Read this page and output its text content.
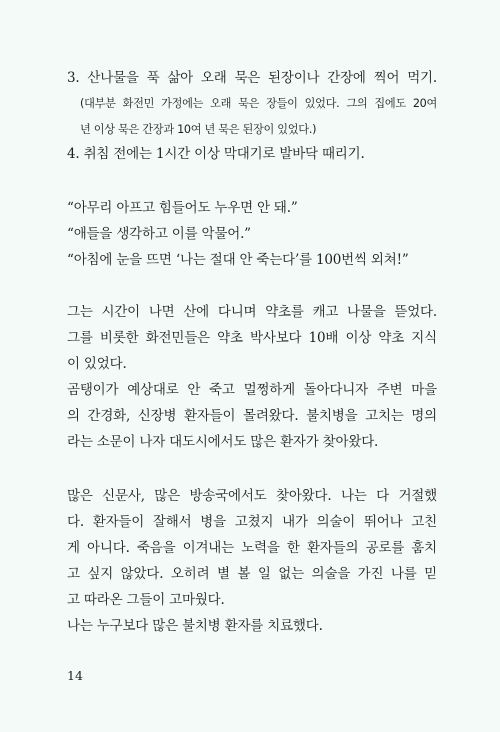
3. 산나물을 푹 삶아 오래 묵은 된장이나 간장에 찍어 먹기.
(대부분 화전민 가정에는 오래 묵은 장들이 있었다. 그의 집에도 20여
년 이상 묵은 간장과 10여 년 묵은 된장이 있었다.)
4. 취침 전에는 1시간 이상 막대기로 발바닥 때리기.
“아무리 아프고 힘들어도 누우면 안 돼.”
“애들을 생각하고 이를 악물어.”
“아침에 눈을 뜨면 ‘나는 절대 안 죽는다’를 100번씩 외쳐!”
그는 시간이 나면 산에 다니며 약초를 캐고 나물을 뜯었다.
그를 비롯한 화전민들은 약초 박사보다 10배 이상 약초 지식
이 있었다.
곰탱이가 예상대로 안 죽고 멀쩡하게 돌아다니자 주변 마을
의 간경화, 신장병 환자들이 몰려왔다. 불치병을 고치는 명의
라는 소문이 나자 대도시에서도 많은 환자가 찾아왔다.
많은 신문사, 많은 방송국에서도 찾아왔다. 나는 다 거절했
다. 환자들이 잘해서 병을 고쳤지 내가 의술이 뛰어나 고친
게 아니다. 죽음을 이겨내는 노력을 한 환자들의 공로를 훔치
고 싶지 않았다. 오히려 별 볼 일 없는 의술을 가진 나를 믿
고 따라온 그들이 고마웠다.
나는 누구보다 많은 불치병 환자를 치료했다.
14
